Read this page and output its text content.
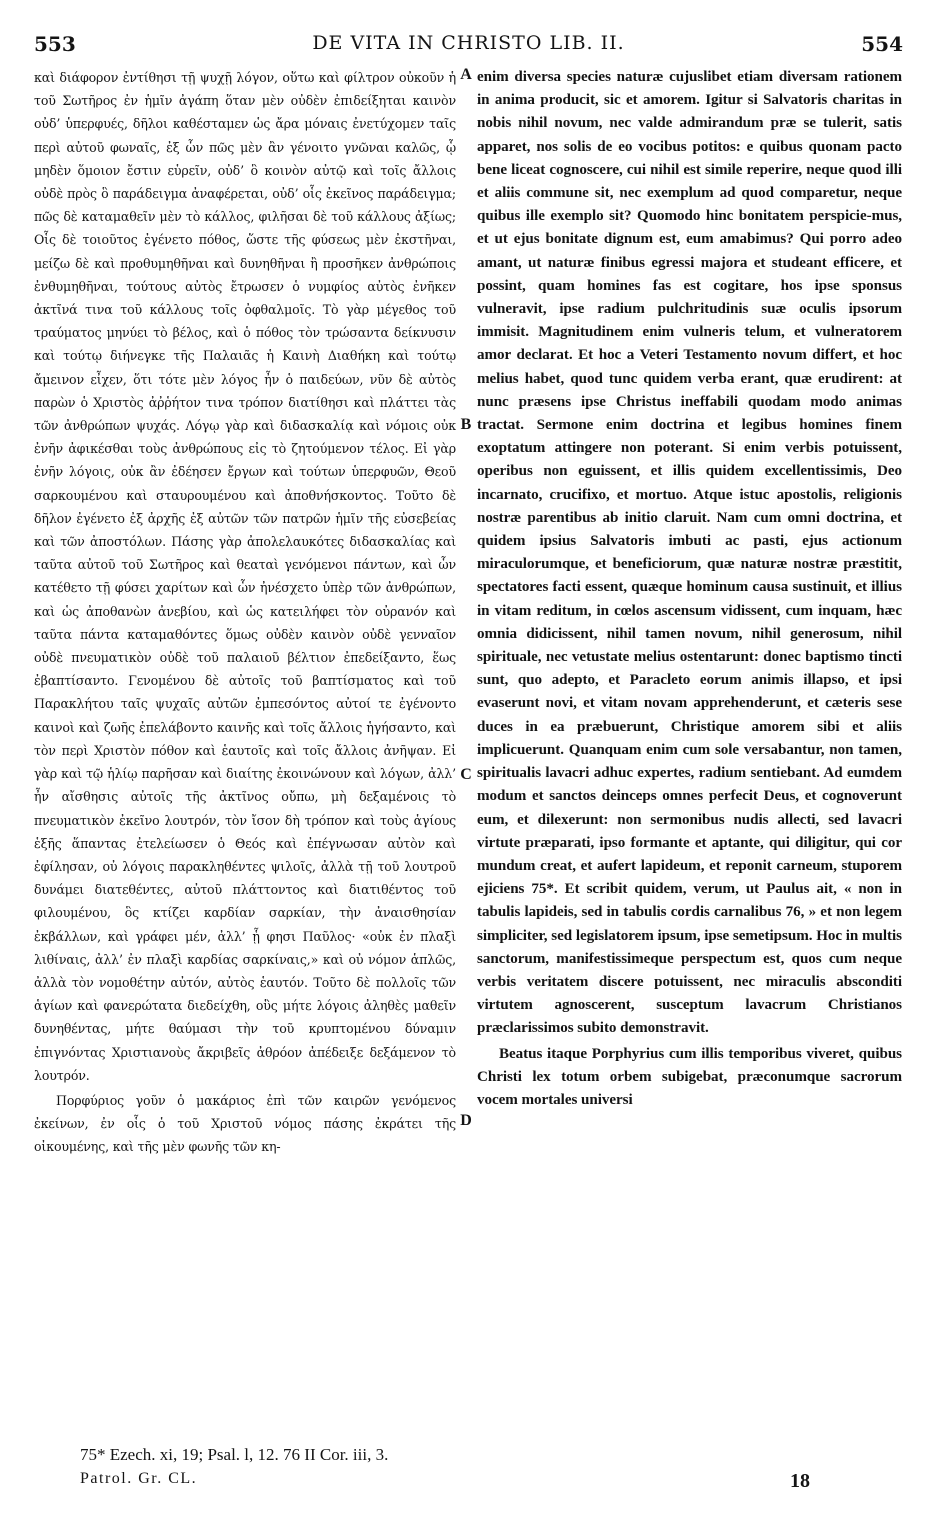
553	DE VITA IN CHRISTO LIB. II.	554

καὶ διάφορον ἐντίθησι τῇ ψυχῇ λόγον, οὕτω καὶ φίλτρον οὐκοῦν ἡ τοῦ Σωτῆρος ἐν ἡμῖν ἀγάπη ὅταν μὲν οὐδὲν ἐπιδείξηται καινὸν οὐδ’ ὑπερφυές, δῆλοι καθέσταμεν ὡς ἄρα μόναις ἐνετύχομεν ταῖς περὶ αὐτοῦ φωναῖς, ἐξ ὧν πῶς μὲν ἂν γένοιτο γνῶναι καλῶς, ᾧ μηδὲν ὅμοιον ἔστιν εὑρεῖν, οὐδ’ ὃ κοινὸν αὐτῷ καὶ τοῖς ἄλλοις οὐδὲ πρὸς ὃ παράδειγμα ἀναφέρεται, οὐδ’ οἷς ἐκεῖνος παράδειγμα; πῶς δὲ καταμαθεῖν μὲν τὸ κάλλος, φιλῆσαι δὲ τοῦ κάλλους ἀξίως; Οἷς δὲ τοιοῦτος ἐγένετο πόθος, ὥστε τῆς φύσεως μὲν ἐκστῆναι, μείζω δὲ καὶ προθυμηθῆναι καὶ δυνηθῆναι ἢ προσῆκεν ἀνθρώποις ἐνθυμηθῆναι, τούτους αὐτὸς ἔτρωσεν ὁ νυμφίος αὐτὸς ἐνῆκεν ἀκτῖνά τινα τοῦ κάλλους τοῖς ὀφθαλμοῖς. Τὸ γὰρ μέγεθος τοῦ τραύματος μηνύει τὸ βέλος, καὶ ὁ πόθος τὸν τρώσαντα δείκνυσιν καὶ τούτῳ διήνεγκε τῆς Παλαιᾶς ἡ Καινὴ Διαθήκη καὶ τούτῳ ἄμεινον εἶχεν, ὅτι τότε μὲν λόγος ἦν ὁ παιδεύων, νῦν δὲ αὐτὸς παρὼν ὁ Χριστὸς ἀῤῥήτον τινα τρόπον διατίθησι καὶ πλάττει τὰς τῶν ἀνθρώπων ψυχάς. Λόγῳ γὰρ καὶ διδασκαλίᾳ καὶ νόμοις οὐκ ἐνῆν ἀφικέσθαι τοὺς ἀνθρώπους εἰς τὸ ζητούμενον τέλος. Εἰ γὰρ ἐνῆν λόγοις, οὐκ ἂν ἐδέησεν ἔργων καὶ τούτων ὑπερφυῶν, Θεοῦ σαρκουμένου καὶ σταυρουμένου καὶ ἀποθνήσκοντος. Τοῦτο δὲ δῆλον ἐγένετο ἐξ ἀρχῆς ἐξ αὐτῶν τῶν πατρῶν ἡμῖν τῆς εὐσεβείας καὶ τῶν ἀποστόλων. Πάσης γὰρ ἀπολελαυκότες διδασκαλίας καὶ ταῦτα αὐτοῦ τοῦ Σωτῆρος καὶ θεαταὶ γενόμενοι πάντων, καὶ ὧν κατέθετο τῇ φύσει χαρίτων καὶ ὧν ἠνέσχετο ὑπὲρ τῶν ἀνθρώπων, καὶ ὡς ἀποθανὼν ἀνεβίου, καὶ ὡς κατειλήφει τὸν οὐρανόν καὶ ταῦτα πάντα καταμαθόντες ὅμως οὐδὲν καινὸν οὐδὲ γενναῖον οὐδὲ πνευματικὸν οὐδὲ τοῦ παλαιοῦ βέλτιον ἐπεδείξαντο, ἕως ἐβαπτίσαντο. Γενομένου δὲ αὐτοῖς τοῦ βαπτίσματος καὶ τοῦ Παρακλήτου ταῖς ψυχαῖς αὐτῶν ἐμπεσόντος αὐτοί τε ἐγένοντο καινοὶ καὶ ζωῆς ἐπελάβοντο καινῆς καὶ τοῖς ἄλλοις ἡγήσαντο, καὶ τὸν περὶ Χριστὸν πόθον καὶ ἑαυτοῖς καὶ τοῖς ἄλλοις ἀνῆψαν. Εἰ γὰρ καὶ τῷ ἡλίῳ παρῆσαν καὶ διαίτης ἐκοινώνουν καὶ λόγων, ἀλλ’ ἦν αἴσθησις αὐτοῖς τῆς ἀκτῖνος οὔπω, μὴ δεξαμένοις τὸ πνευματικὸν ἐκεῖνο λουτρόν, τὸν ἴσον δὴ τρόπον καὶ τοὺς ἁγίους ἑξῆς ἅπαντας ἐτελείωσεν ὁ Θεός καὶ ἐπέγνωσαν αὐτὸν καὶ ἐφίλησαν, οὐ λόγοις παρακληθέντες ψιλοῖς, ἀλλὰ τῇ τοῦ λουτροῦ δυνάμει διατεθέντες, αὐτοῦ πλάττοντος καὶ διατιθέντος τοῦ φιλουμένου, ὃς κτίζει καρδίαν σαρκίαν, τὴν ἀναισθησίαν ἐκβάλλων, καὶ γράφει μέν, ἀλλ’ ᾗ φησι Παῦλος· «οὐκ ἐν πλαξὶ λιθίναις, ἀλλ’ ἐν πλαξὶ καρδίας σαρκίναις,» καὶ οὐ νόμον ἁπλῶς, ἀλλὰ τὸν νομοθέτην αὐτόν, αὐτὸς ἑαυτόν. Τοῦτο δὲ πολλοῖς τῶν ἁγίων καὶ φανερώτατα διεδείχθη, οὓς μήτε λόγοις ἀληθὲς μαθεῖν δυνηθέντας, μήτε θαύμασι τὴν τοῦ κρυπτομένου δύναμιν ἐπιγνόντας Χριστιανοὺς ἄκριβεῖς ἀθρόον ἀπέδειξε δεξάμενον τὸ λουτρόν.

Πορφύριος γοῦν ὁ μακάριος ἐπὶ τῶν καιρῶν γενόμενος ἐκείνων, ἐν οἷς ὁ τοῦ Χριστοῦ νόμος πάσης ἐκράτει τῆς οἰκουμένης, καὶ τῆς μὲν φωνῆς τῶν κη-

A
B
C
D

enim diversa species naturæ cujuslibet etiam diversam rationem in anima producit, sic et amorem. Igitur si Salvatoris charitas in nobis nihil novum, nec valde admirandum præ se tulerit, satis apparet, nos solis de eo vocibus potitos: e quibus quonam pacto bene liceat cognoscere, cui nihil est simile reperire, neque quod illi et aliis commune sit, nec exemplum ad quod comparetur, neque quibus ille exemplo sit? Quomodo hinc bonitatem perspicie-mus, et ut ejus bonitate dignum est, eum amabimus? Qui porro adeo amant, ut naturæ finibus egressi majora et studeant efficere, et possint, quam homines fas est cogitare, hos ipse sponsus vulneravit, ipse radium pulchritudinis suæ oculis ipsorum immisit. Magnitudinem enim vulneris telum, et vulneratorem amor declarat. Et hoc a Veteri Testamento novum differt, et hoc melius habet, quod tunc quidem verba erant, quæ erudirent: at nunc præsens ipse Christus ineffabili quodam modo animas tractat. Sermone enim doctrina et legibus homines finem exoptatum attingere non poterant. Si enim verbis potuissent, operibus non eguissent, et illis quidem excellentissimis, Deo incarnato, crucifixo, et mortuo. Atque istuc apostolis, religionis nostræ parentibus ab initio claruit. Nam cum omni doctrina, et quidem ipsius Salvatoris imbuti ac pasti, ejus actionum miraculorumque, et beneficiorum, quæ naturæ nostræ præstitit, spectatores facti essent, quæque hominum causa sustinuit, et illius in vitam reditum, in cœlos ascensum vidissent, cum inquam, hæc omnia didicissent, nihil tamen novum, nihil generosum, nihil spirituale, nec vetustate melius ostentarunt: donec baptismo tincti sunt, quo adepto, et Paracleto eorum animis illapso, et ipsi evaserunt novi, et vitam novam apprehenderunt, et cæteris sese duces in ea præbuerunt, Christique amorem sibi et aliis implicuerunt. Quanquam enim cum sole versabantur, non tamen, spiritualis lavacri adhuc expertes, radium sentiebant. Ad eumdem modum et sanctos deinceps omnes perfecit Deus, et cognoverunt eum, et dilexerunt: non sermonibus nudis allecti, sed lavacri virtute præparati, ipso formante et aptante, qui diligitur, qui cor mundum creat, et aufert lapideum, et reponit carneum, stuporem ejiciens 75*. Et scribit quidem, verum, ut Paulus ait, « non in tabulis lapideis, sed in tabulis cordis carnalibus 76, » et non legem simpliciter, sed legislatorem ipsum, ipse semetipsum. Hoc in multis sanctorum, manifestissimeque perspectum est, quos cum neque verbis veritatem discere potuissent, nec miraculis absconditi virtutem agnoscerent, susceptum lavacrum Christianos præclarissimos subito demonstravit.

Beatus itaque Porphyrius cum illis temporibus viveret, quibus Christi lex totum orbem subigebat, præconumque sacrorum vocem mortales universi

75* Ezech. xi, 19; Psal. l, 12. 76 II Cor. iii, 3.
Patrol. Gr. CL.	18
